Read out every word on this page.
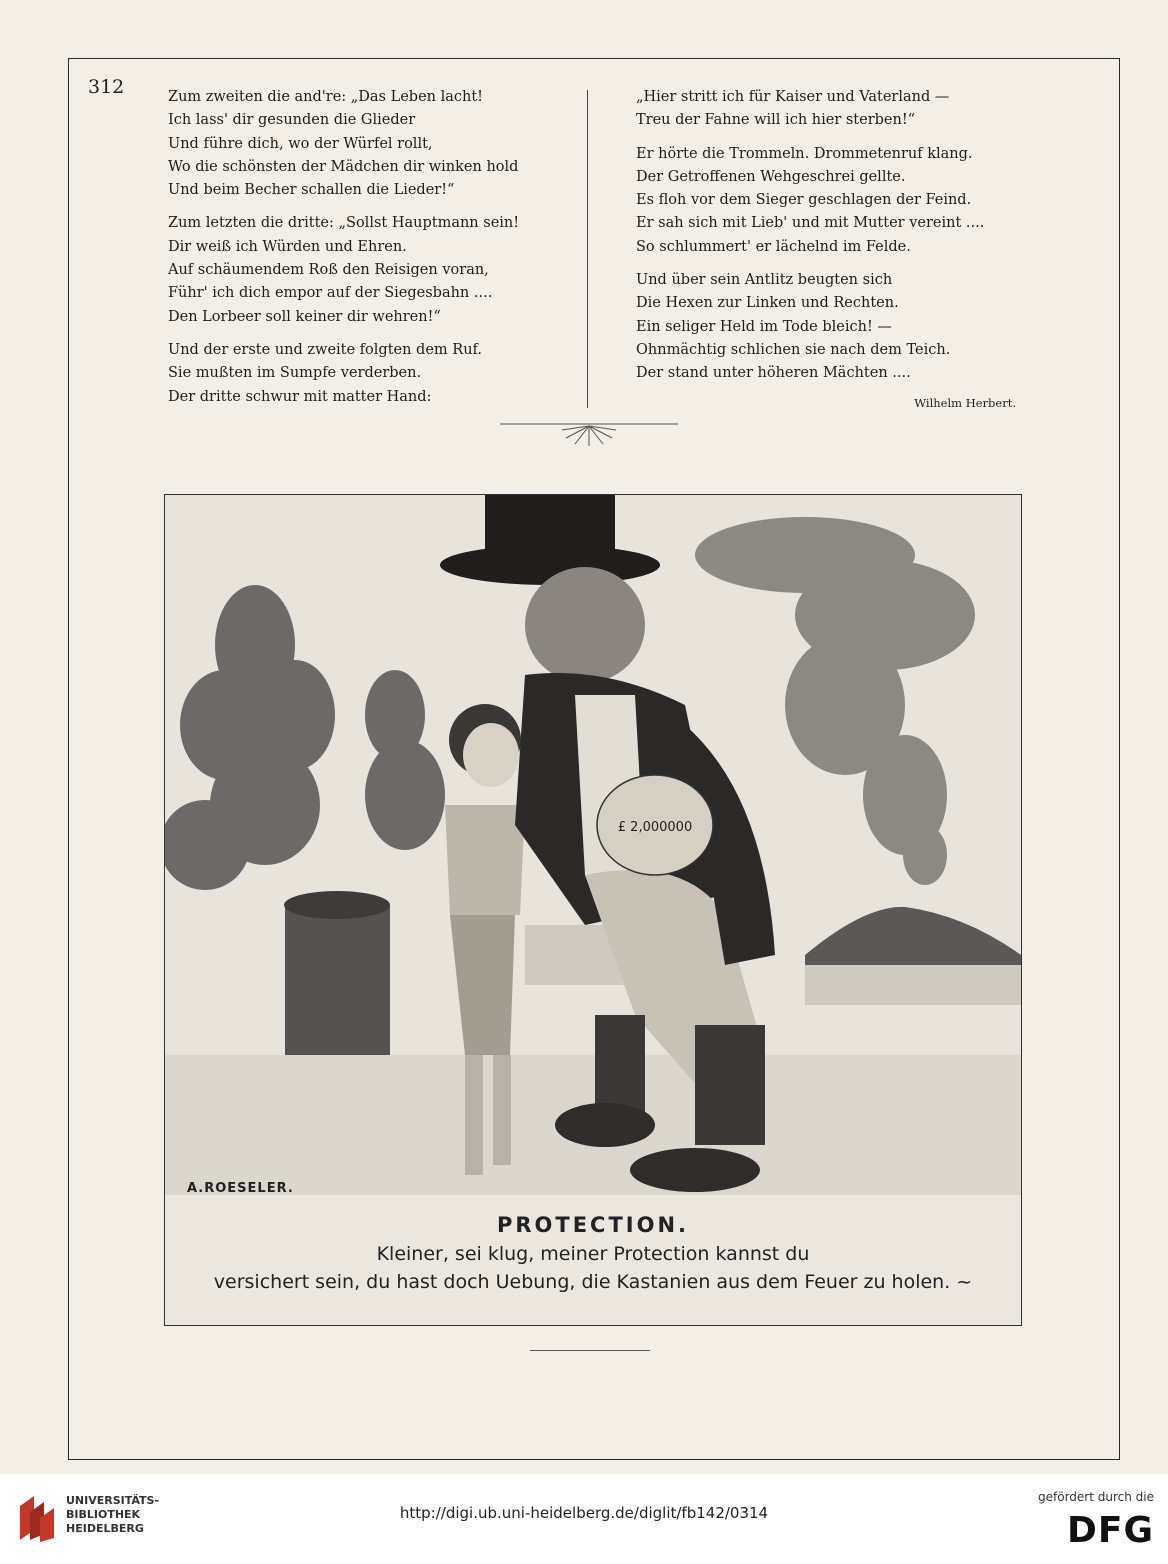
312	Zum zweiten die and're: „Das Leben lacht!
Ich lass' dir gesunden die Glieder
Und führe dich, wo der Würfel rollt,
Wo die schönsten der Mädchen dir winken hold
Und beim Becher schallen die Lieder!“
Zum letzten die dritte: „Sollst Hauptmann sein!
Dir weiß ich Würden und Ehren.
Auf schäumendem Roß den Reisigen voran,
Führ' ich dich empor auf der Siegesbahn ....
Den Lorbeer soll keiner dir wehren!“
Und der erste und zweite folgten dem Ruf.
Sie mußten im Sumpfe verderben.
Der dritte schwur mit matter Hand:
„Hier stritt ich für Kaiser und Vaterland —
Treu der Fahne will ich hier sterben!“
Er hörte die Trommeln. Drommetenruf klang.
Der Getroffenen Wehgeschrei gellte.
Es floh vor dem Sieger geschlagen der Feind.
Er sah sich mit Lieb' und mit Mutter vereint ....
So schlummert' er lächelnd im Felde.
Und über sein Antlitz beugten sich
Die Hexen zur Linken und Rechten.
Ein seliger Held im Tode bleich! —
Ohnmächtig schlichen sie nach dem Teich.
Der stand unter höheren Mächten ....
Wilhelm Herbert.
£ 2,000000
A.ROESELER.
PROTECTION.
Kleiner, sei klug, meiner Protection kannst du
versichert sein, du hast doch Uebung, die Kastanien aus dem Feuer zu holen. ~
UNIVERSITÄTS-
BIBLIOTHEK
HEIDELBERG
http://digi.ub.uni-heidelberg.de/diglit/fb142/0314
gefördert durch die
DFG
